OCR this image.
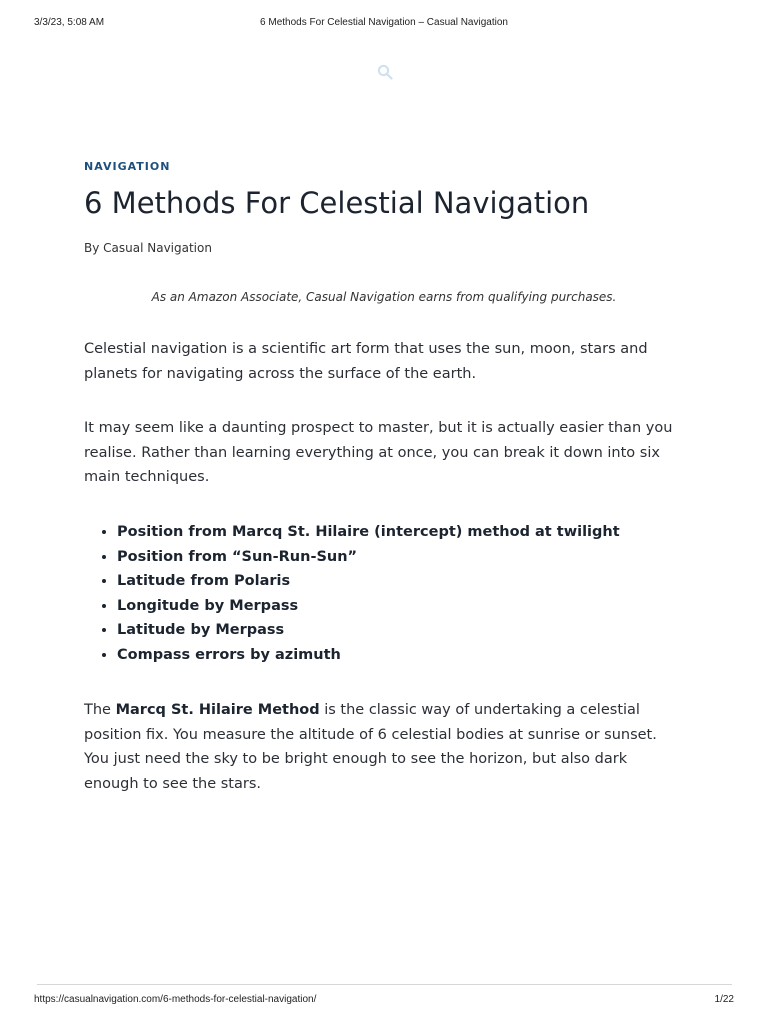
3/3/23, 5:08 AM	6 Methods For Celestial Navigation – Casual Navigation
NAVIGATION
6 Methods For Celestial Navigation
By Casual Navigation
As an Amazon Associate, Casual Navigation earns from qualifying purchases.

Celestial navigation is a scientific art form that uses the sun, moon, stars and planets for navigating across the surface of the earth.

It may seem like a daunting prospect to master, but it is actually easier than you realise. Rather than learning everything at once, you can break it down into six main techniques.

• Position from Marcq St. Hilaire (intercept) method at twilight
• Position from “Sun-Run-Sun”
• Latitude from Polaris
• Longitude by Merpass
• Latitude by Merpass
• Compass errors by azimuth

The Marcq St. Hilaire Method is the classic way of undertaking a celestial position fix. You measure the altitude of 6 celestial bodies at sunrise or sunset. You just need the sky to be bright enough to see the horizon, but also dark enough to see the stars.

https://casualnavigation.com/6-methods-for-celestial-navigation/	1/22
